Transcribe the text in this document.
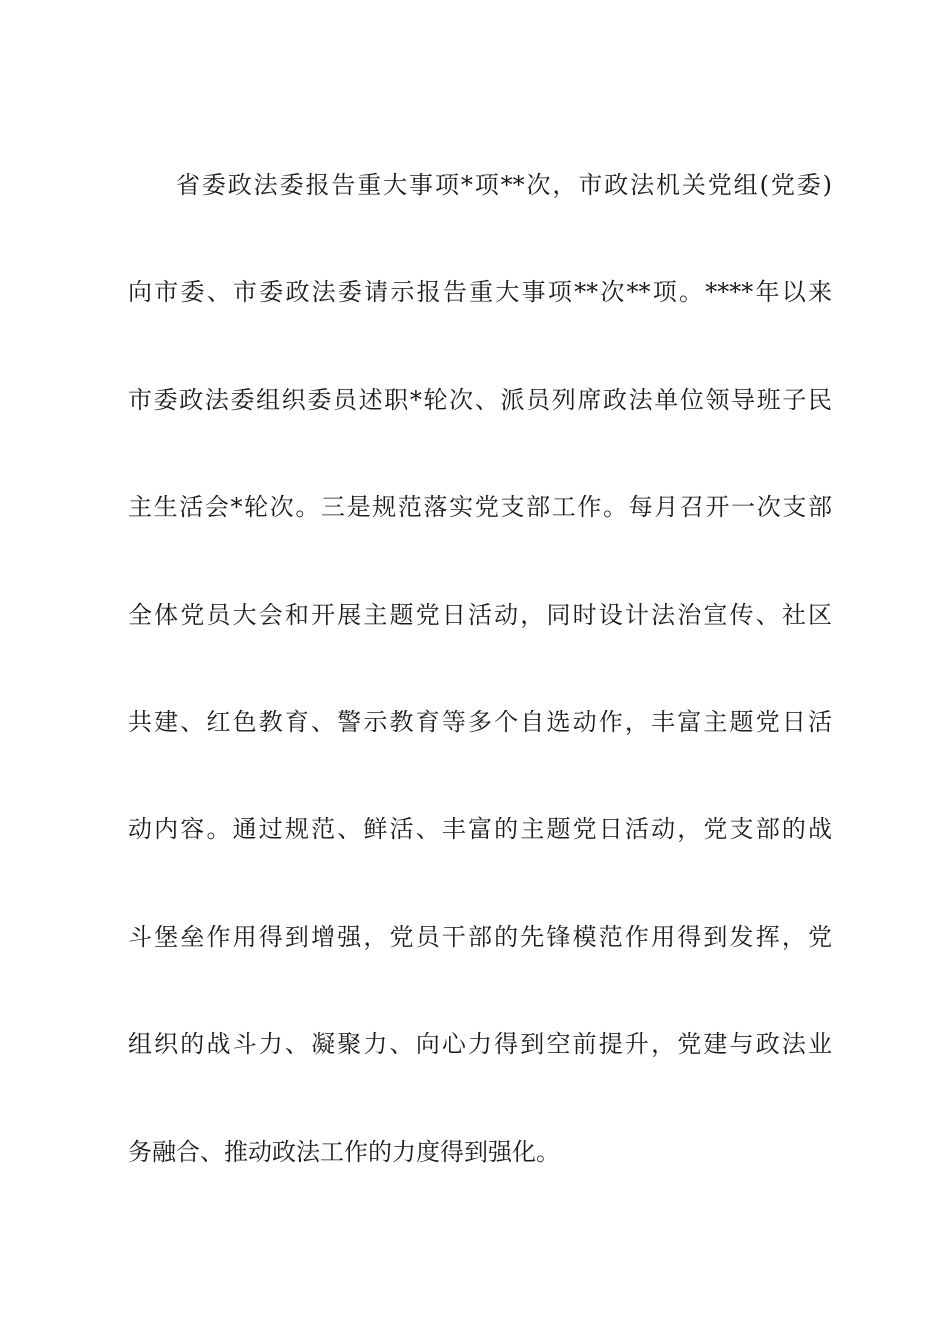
省委政法委报告重大事项*项**次，市政法机关党组(党委)
向市委、市委政法委请示报告重大事项**次**项。****年以来
市委政法委组织委员述职*轮次、派员列席政法单位领导班子民
主生活会*轮次。三是规范落实党支部工作。每月召开一次支部
全体党员大会和开展主题党日活动，同时设计法治宣传、社区
共建、红色教育、警示教育等多个自选动作，丰富主题党日活
动内容。通过规范、鲜活、丰富的主题党日活动，党支部的战
斗堡垒作用得到增强，党员干部的先锋模范作用得到发挥，党
组织的战斗力、凝聚力、向心力得到空前提升，党建与政法业
务融合、推动政法工作的力度得到强化。
